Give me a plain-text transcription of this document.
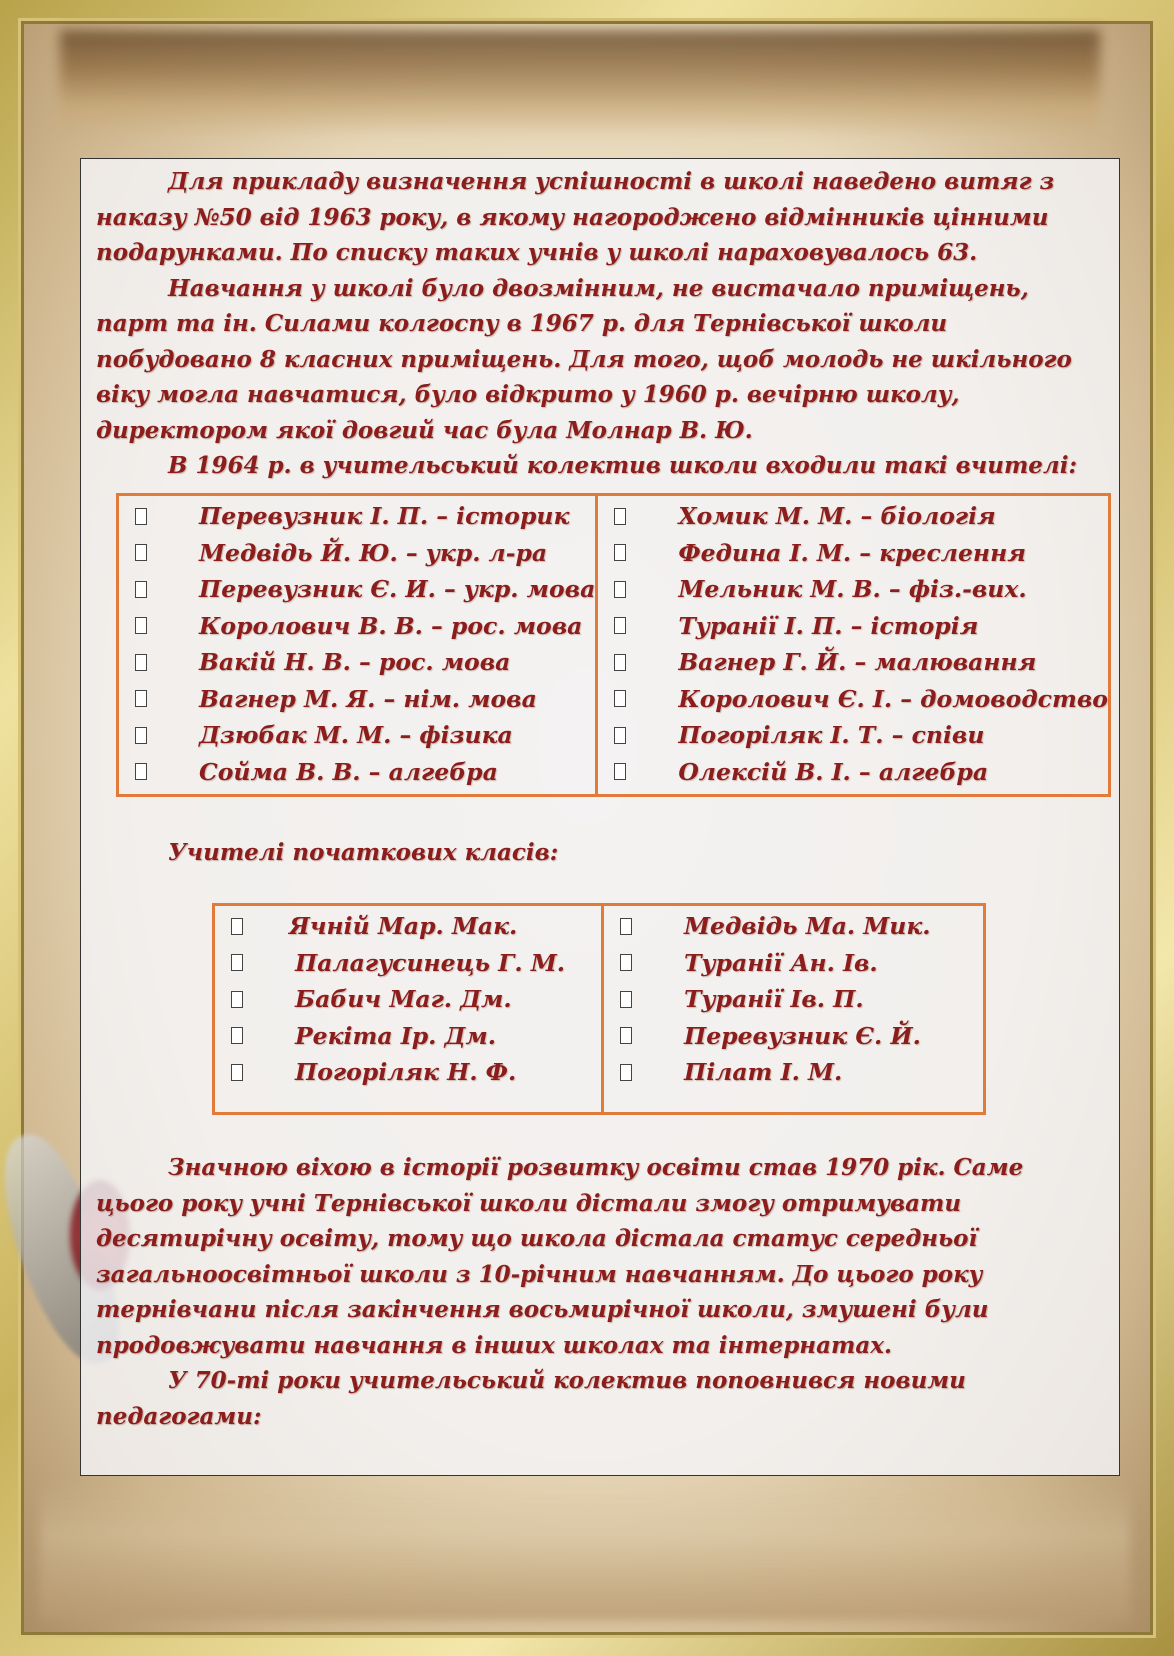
Для прикладу визначення успішності в школі наведено витяг з наказу №50 від 1963 року, в якому нагороджено відмінників цінними подарунками. По списку таких учнів у школі нараховувалось 63.

Навчання у школі було двозмінним, не вистачало приміщень, парт та ін. Силами колгоспу в 1967 р. для Тернівської школи побудовано 8 класних приміщень. Для того, щоб молодь не шкільного віку могла навчатися, було відкрито у 1960 р. вечірню школу, директором якої довгий час була Молнар В. Ю.

В 1964 р. в учительський колектив школи входили такі вчителі:

Перевузник І. П. – історик
Медвідь Й. Ю. – укр. л-ра
Перевузник Є. И. – укр. мова
Королович В. В. – рос. мова
Вакій Н. В. – рос. мова
Вагнер М. Я. – нім. мова
Дзюбак М. М. – фізика
Сойма В. В. – алгебра

Хомик М. М. – біологія
Федина І. М. – креслення
Мельник М. В. – фіз.-вих.
Туранії І. П. – історія
Вагнер Г. Й. – малювання
Королович Є. І. – домоводство
Погоріляк І. Т. – співи
Олексій В. І. – алгебра

Учителі початкових класів:

Ячній Мар. Мак.
Палагусинець Г. М.
Бабич Маг. Дм.
Рекіта Ір. Дм.
Погоріляк Н. Ф.

Медвідь Ма. Мик.
Туранії Ан. Ів.
Туранії Ів. П.
Перевузник Є. Й.
Пілат І. М.

Значною віхою в історії розвитку освіти став 1970 рік. Саме цього року учні Тернівської школи дістали змогу отримувати десятирічну освіту, тому що школа дістала статус середньої загальноосвітньої школи з 10-річним навчанням. До цього року тернівчани після закінчення восьмирічної школи, змушені були продовжувати навчання в інших школах та інтернатах.

У 70-ті роки учительський колектив поповнився новими педагогами:
